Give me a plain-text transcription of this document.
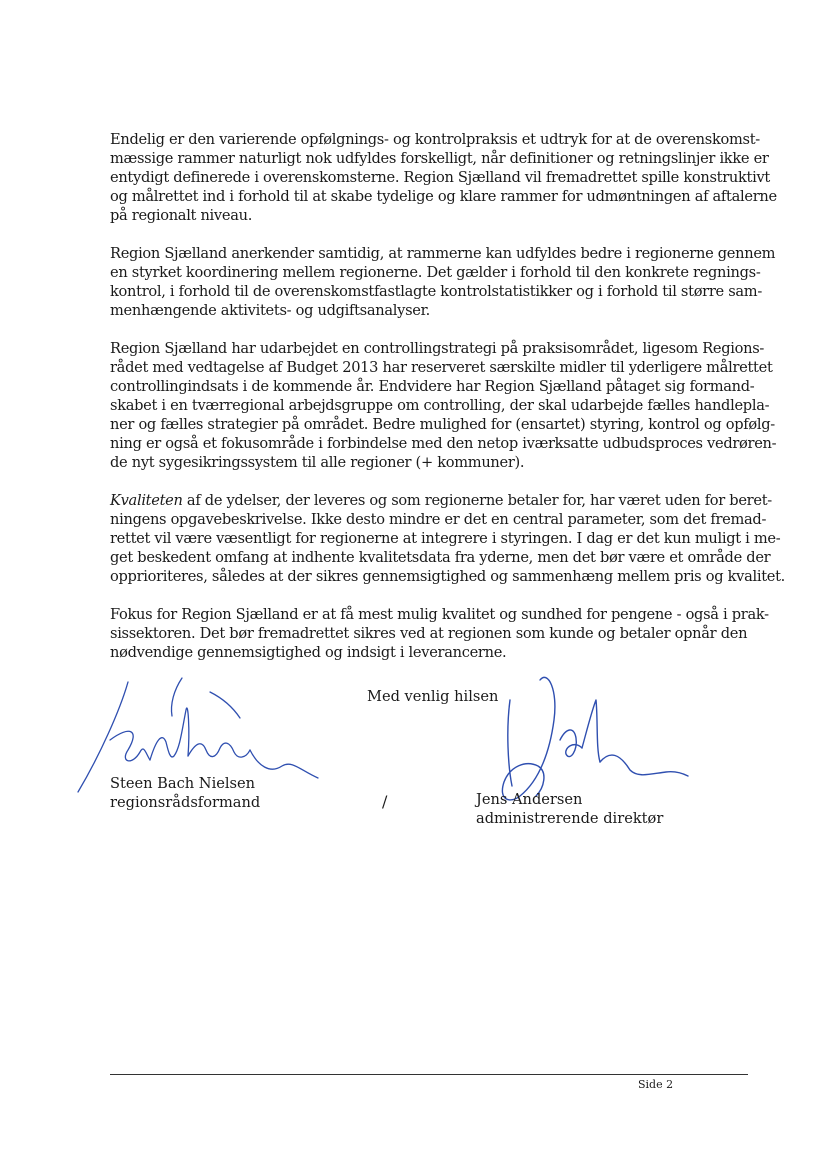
Endelig er den varierende opfølgnings- og kontrolpraksis et udtryk for at de overenskomst-

mæssige rammer naturligt nok udfyldes forskelligt, når definitioner og retningslinjer ikke er

entydigt definerede i overenskomsterne. Region Sjælland vil fremadrettet spille konstruktivt

og målrettet ind i forhold til at skabe tydelige og klare rammer for udmøntningen af aftalerne

på regionalt niveau.

Region Sjælland anerkender samtidig, at rammerne kan udfyldes bedre i regionerne gennem

en styrket koordinering mellem regionerne. Det gælder i forhold til den konkrete regnings-

kontrol, i forhold til de overenskomstfastlagte kontrolstatistikker og i forhold til større sam-

menhængende aktivitets- og udgiftsanalyser.

Region Sjælland har udarbejdet en controllingstrategi på praksisområdet, ligesom Regions-

rådet med vedtagelse af Budget 2013 har reserveret særskilte midler til yderligere målrettet

controllingindsats i de kommende år. Endvidere har Region Sjælland påtaget sig formand-

skabet i en tværregional arbejdsgruppe om controlling, der skal udarbejde fælles handlepla-

ner og fælles strategier på området. Bedre mulighed for (ensartet) styring, kontrol og opfølg-

ning er også et fokusområde i forbindelse med den netop iværksatte udbudsproces vedrøren-

de nyt sygesikringssystem til alle regioner (+ kommuner).

Kvaliteten af de ydelser, der leveres og som regionerne betaler for, har været uden for beret-

ningens opgavebeskrivelse. Ikke desto mindre er det en central parameter, som det fremad-

rettet vil være væsentligt for regionerne at integrere i styringen. I dag er det kun muligt i me-

get beskedent omfang at indhente kvalitetsdata fra yderne, men det bør være et område der

opprioriteres, således at der sikres gennemsigtighed og sammenhæng mellem pris og kvalitet.

Fokus for Region Sjælland er at få mest mulig kvalitet og sundhed for pengene - også i prak-

sissektoren. Det bør fremadrettet sikres ved at regionen som kunde og betaler opnår den

nødvendige gennemsigtighed og indsigt i leverancerne.

Med venlig hilsen

Steen Bach Nielsen

regionsrådsformand	/	Jens Andersen

administrerende direktør

Side 2
